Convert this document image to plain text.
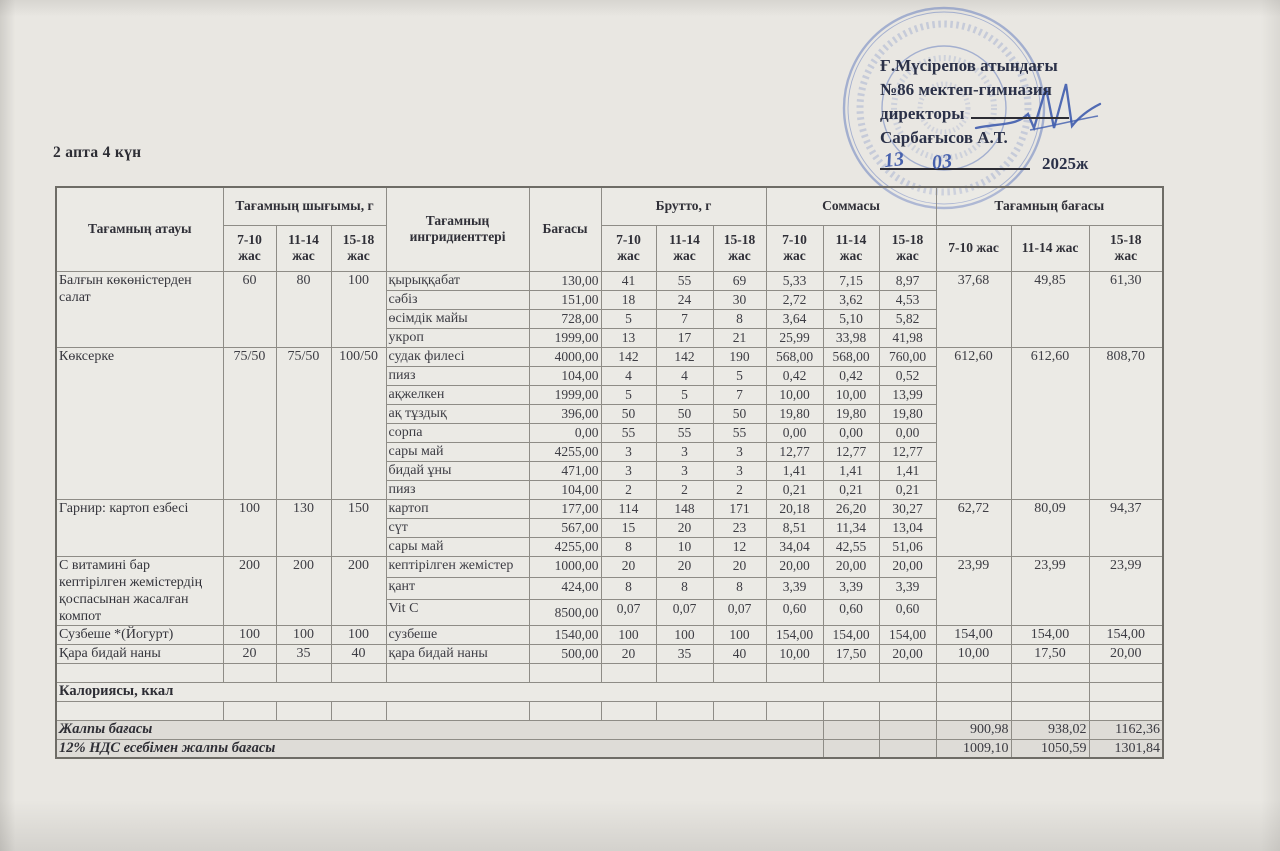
2 апта 4 күн
Ғ.Мүсірепов атындағы
№86 мектеп-гимназия
директоры
Сарбағысов А.Т.
13 03	2025ж
Тағамның атауы	Тағамның шығымы, г			Тағамның ингридиенттері	Бағасы	Брутто, г			Соммасы			Тағамның бағасы		
	7-10 жас	11-14 жас	15-18 жас			7-10 жас	11-14 жас	15-18 жас	7-10 жас	11-14 жас	15-18 жас	7-10 жас	11-14 жас	15-18 жас
Балғын көкөністерден салат	60	80	100	қырыққабат	130,00	41	55	69	5,33	7,15	8,97	37,68	49,85	61,30
				сәбіз	151,00	18	24	30	2,72	3,62	4,53			
				өсімдік майы	728,00	5	7	8	3,64	5,10	5,82			
				укроп	1999,00	13	17	21	25,99	33,98	41,98			
Көксерке	75/50	75/50	100/50	судак филесі	4000,00	142	142	190	568,00	568,00	760,00	612,60	612,60	808,70
				пияз	104,00	4	4	5	0,42	0,42	0,52			
				ақжелкен	1999,00	5	5	7	10,00	10,00	13,99			
				ақ тұздық	396,00	50	50	50	19,80	19,80	19,80			
				сорпа	0,00	55	55	55	0,00	0,00	0,00			
				сары май	4255,00	3	3	3	12,77	12,77	12,77			
				бидай ұны	471,00	3	3	3	1,41	1,41	1,41			
				пияз	104,00	2	2	2	0,21	0,21	0,21			
Гарнир: картоп езбесі	100	130	150	картоп	177,00	114	148	171	20,18	26,20	30,27	62,72	80,09	94,37
				сүт	567,00	15	20	23	8,51	11,34	13,04			
				сары май	4255,00	8	10	12	34,04	42,55	51,06			
С витамині бар кептірілген жемістердің қоспасынан жасалған компот	200	200	200	кептірілген жемістер	1000,00	20	20	20	20,00	20,00	20,00	23,99	23,99	23,99
				қант	424,00	8	8	8	3,39	3,39	3,39			
				Vit C	8500,00	0,07	0,07	0,07	0,60	0,60	0,60			
Сузбеше *(Йогурт)	100	100	100	сузбеше	1540,00	100	100	100	154,00	154,00	154,00	154,00	154,00	154,00
Қара бидай наны	20	35	40	қара бидай наны	500,00	20	35	40	10,00	17,50	20,00	10,00	17,50	20,00

Калориясы, ккал														

Жалпы бағасы												900,98	938,02	1162,36
12% НДС есебімен жалпы бағасы												1009,10	1050,59	1301,84
